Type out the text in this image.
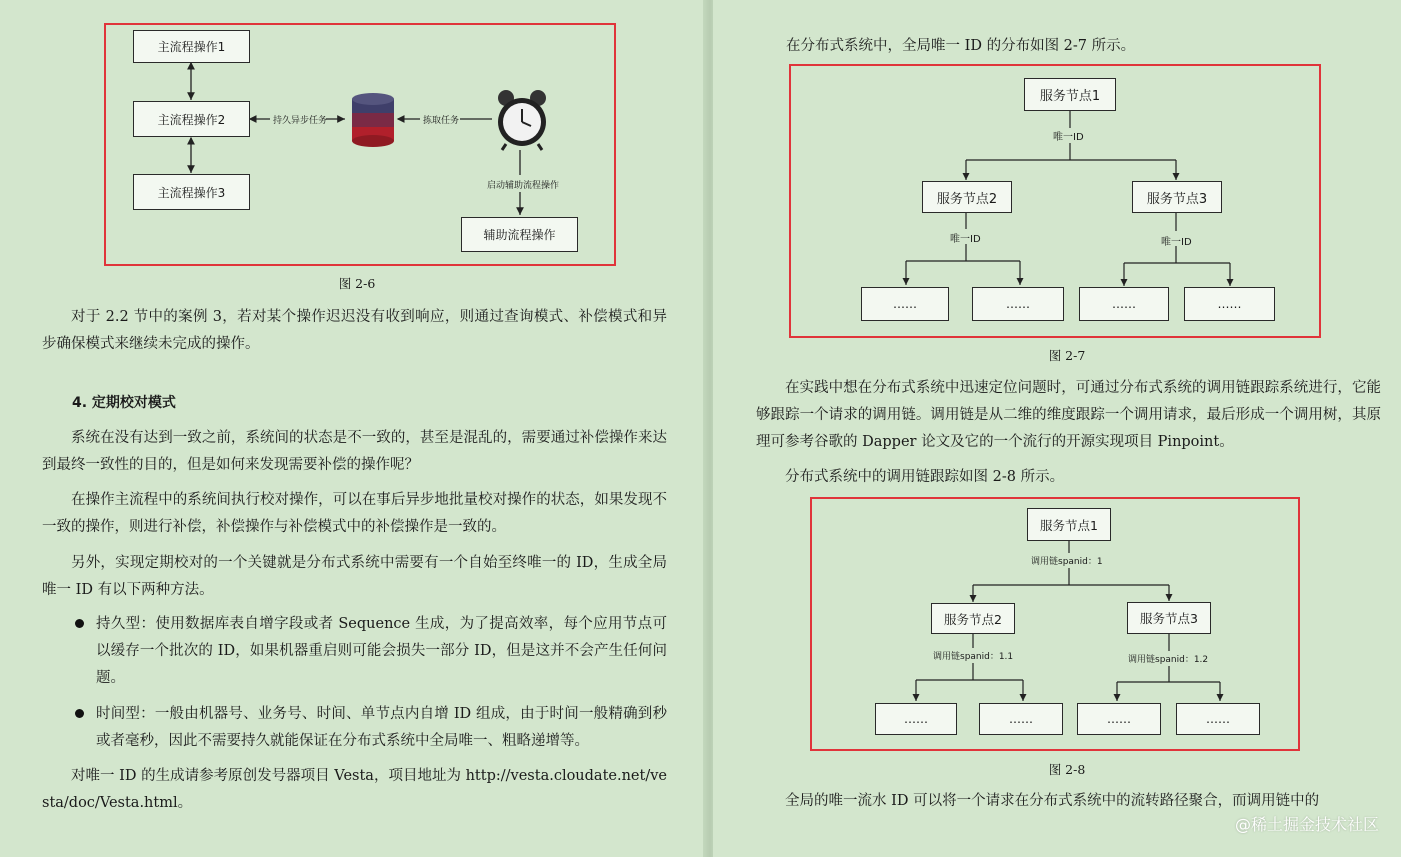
主流程操作1
主流程操作2
主流程操作3
持久异步任务	拣取任务
启动辅助流程操作
辅助流程操作
图 2-6

对于 2.2 节中的案例 3，若对某个操作迟迟没有收到响应，则通过查询模式、补偿模式和异步确保模式来继续未完成的操作。

4. 定期校对模式

系统在没有达到一致之前，系统间的状态是不一致的，甚至是混乱的，需要通过补偿操作来达到最终一致性的目的，但是如何来发现需要补偿的操作呢？

在操作主流程中的系统间执行校对操作，可以在事后异步地批量校对操作的状态，如果发现不一致的操作，则进行补偿，补偿操作与补偿模式中的补偿操作是一致的。

另外，实现定期校对的一个关键就是分布式系统中需要有一个自始至终唯一的 ID，生成全局唯一 ID 有以下两种方法。

持久型：使用数据库表自增字段或者 Sequence 生成，为了提高效率，每个应用节点可以缓存一个批次的 ID，如果机器重启则可能会损失一部分 ID，但是这并不会产生任何问题。

时间型：一般由机器号、业务号、时间、单节点内自增 ID 组成，由于时间一般精确到秒或者毫秒，因此不需要持久就能保证在分布式系统中全局唯一、粗略递增等。

对唯一 ID 的生成请参考原创发号器项目 Vesta，项目地址为 http://vesta.cloudate.net/vesta/doc/Vesta.html。

在分布式系统中，全局唯一 ID 的分布如图 2-7 所示。

服务节点1
唯一ID
服务节点2	服务节点3
唯一ID	唯一ID
……	……	……	……
图 2-7

在实践中想在分布式系统中迅速定位问题时，可通过分布式系统的调用链跟踪系统进行，它能够跟踪一个请求的调用链。调用链是从二维的维度跟踪一个调用请求，最后形成一个调用树，其原理可参考谷歌的 Dapper 论文及它的一个流行的开源实现项目 Pinpoint。

分布式系统中的调用链跟踪如图 2-8 所示。

服务节点1
调用链spanid：1
服务节点2	服务节点3
调用链spanid：1.1	调用链spanid：1.2
……	……	……	……
图 2-8

全局的唯一流水 ID 可以将一个请求在分布式系统中的流转路径聚合，而调用链中的

@稀土掘金技术社区
